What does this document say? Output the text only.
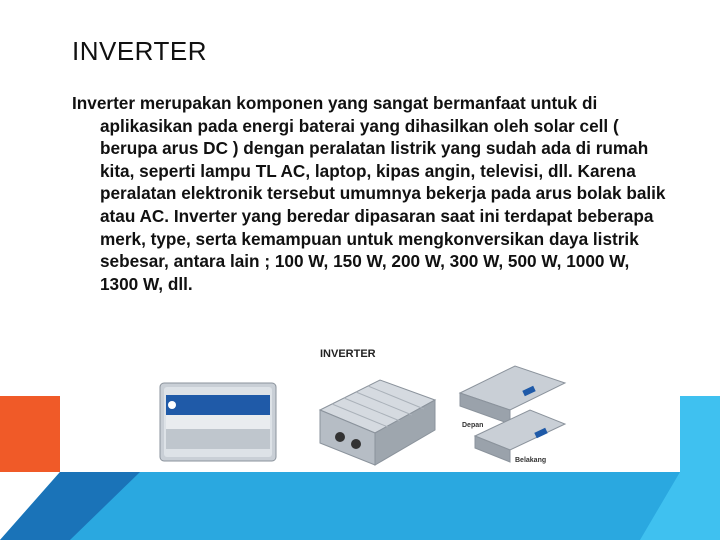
INVERTER

Inverter merupakan komponen yang sangat bermanfaat untuk di aplikasikan pada energi baterai yang dihasilkan oleh solar cell ( berupa arus DC ) dengan peralatan listrik yang sudah ada di rumah kita, seperti lampu TL AC, laptop, kipas angin, televisi, dll. Karena peralatan elektronik tersebut umumnya bekerja pada arus bolak balik atau AC. Inverter yang beredar dipasaran saat ini terdapat beberapa merk, type, serta kemampuan untuk mengkonversikan daya listrik sebesar, antara lain ; 100 W, 150 W, 200 W, 300 W, 500 W, 1000 W, 1300 W, dll.

INVERTER
Depan
Belakang
